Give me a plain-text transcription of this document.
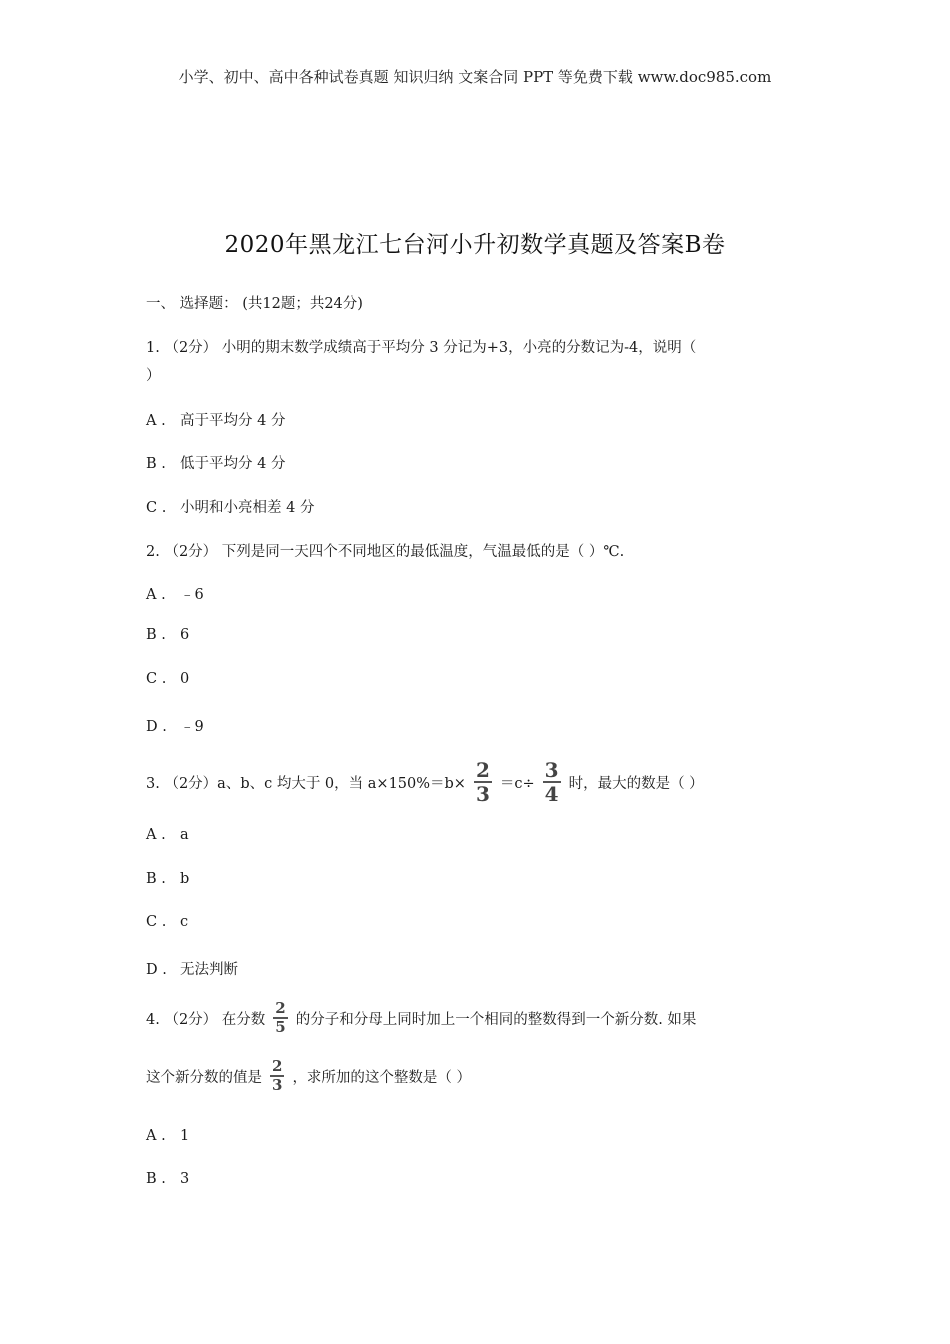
小学、初中、高中各种试卷真题 知识归纳 文案合同 PPT 等免费下载 www.doc985.com
2020年黑龙江七台河小升初数学真题及答案B卷
一、 选择题： (共12题；共24分)
1. （2分） 小明的期末数学成绩高于平均分 3 分记为+3，小亮的分数记为-4，说明（
）
A . 高于平均分 4 分
B . 低于平均分 4 分
C . 小明和小亮相差 4 分
2. （2分） 下列是同一天四个不同地区的最低温度，气温最低的是（ ）℃.
A . ﹣6
B . 6
C . 0
D . ﹣9
3. （2分）a、b、c 均大于 0，当 $a\times 150\%=b\times \frac{2}{3} =c\div \frac{3}{4}$ 时，最大的数是（ ）
A . a
B . b
C . c
D . 无法判断
4. （2分） 在分数 $\frac{2}{5}$ 的分子和分母上同时加上一个相同的整数得到一个新分数. 如果
这个新分数的值是 $\frac{2}{3}$ ，求所加的这个整数是（ ）
A . 1
B . 3
